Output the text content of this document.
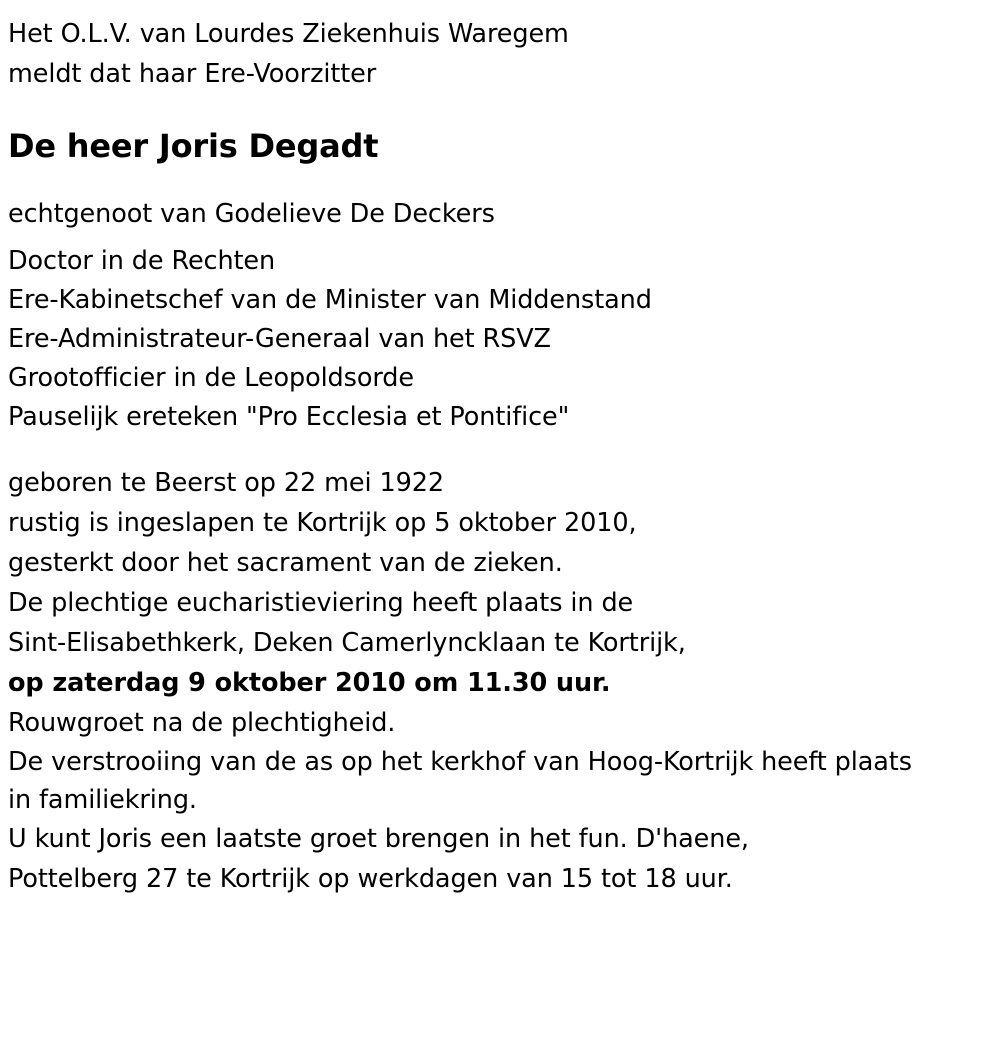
Het O.L.V. van Lourdes Ziekenhuis Waregem
meldt dat haar Ere-Voorzitter
De heer Joris Degadt
echtgenoot van Godelieve De Deckers
Doctor in de Rechten
Ere-Kabinetschef van de Minister van Middenstand
Ere-Administrateur-Generaal van het RSVZ
Grootofficier in de Leopoldsorde
Pauselijk ereteken "Pro Ecclesia et Pontifice"
geboren te Beerst op 22 mei 1922
rustig is ingeslapen te Kortrijk op 5 oktober 2010,
gesterkt door het sacrament van de zieken.
De plechtige eucharistieviering heeft plaats in de
Sint-Elisabethkerk, Deken Camerlyncklaan te Kortrijk,
op zaterdag 9 oktober 2010 om 11.30 uur.
Rouwgroet na de plechtigheid.
De verstrooiing van de as op het kerkhof van Hoog-Kortrijk heeft plaats
in familiekring.
U kunt Joris een laatste groet brengen in het fun. D'haene,
Pottelberg 27 te Kortrijk op werkdagen van 15 tot 18 uur.
